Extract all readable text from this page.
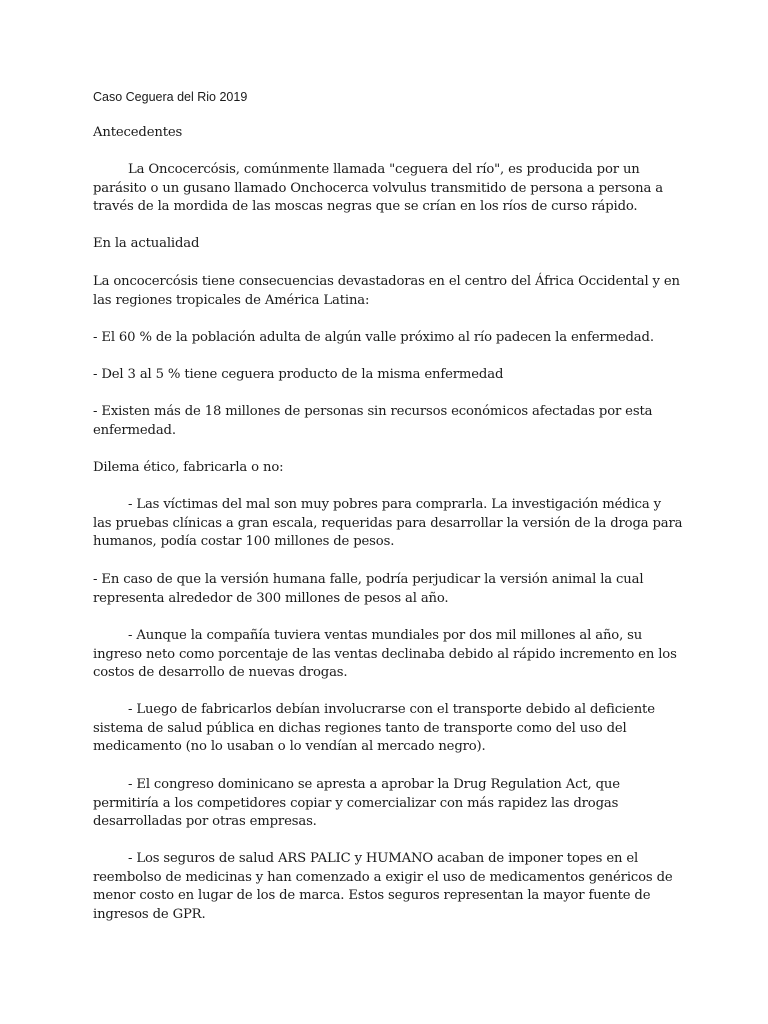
Caso Ceguera del Rio 2019

Antecedentes

La Oncocercósis, comúnmente llamada "ceguera del río", es producida por un parásito o un gusano llamado Onchocerca volvulus transmitido de persona a persona a través de la mordida de las moscas negras que se crían en los ríos de curso rápido.

En la actualidad

La oncocercósis tiene consecuencias devastadoras en el centro del África Occidental y en las regiones tropicales de América Latina:

- El 60 % de la población adulta de algún valle próximo al río padecen la enfermedad.

- Del 3 al 5 % tiene ceguera producto de la misma enfermedad

- Existen más de 18 millones de personas sin recursos económicos afectadas por esta enfermedad.

Dilema ético, fabricarla o no:

- Las víctimas del mal son muy pobres para comprarla. La investigación médica y las pruebas clínicas a gran escala, requeridas para desarrollar la versión de la droga para humanos, podía costar 100 millones de pesos.

- En caso de que la versión humana falle, podría perjudicar la versión animal la cual representa alrededor de 300 millones de pesos al año.

- Aunque la compañía tuviera ventas mundiales por dos mil millones al año, su ingreso neto como porcentaje de las ventas declinaba debido al rápido incremento en los costos de desarrollo de nuevas drogas.

- Luego de fabricarlos debían involucrarse con el transporte debido al deficiente sistema de salud pública en dichas regiones tanto de transporte como del uso del medicamento (no lo usaban o lo vendían al mercado negro).

- El congreso dominicano se apresta a aprobar la Drug Regulation Act, que permitiría a los competidores copiar y comercializar con más rapidez las drogas desarrolladas por otras empresas.

- Los seguros de salud ARS PALIC y HUMANO acaban de imponer topes en el reembolso de medicinas y han comenzado a exigir el uso de medicamentos genéricos de menor costo en lugar de los de marca. Estos seguros representan la mayor fuente de ingresos de GPR.
